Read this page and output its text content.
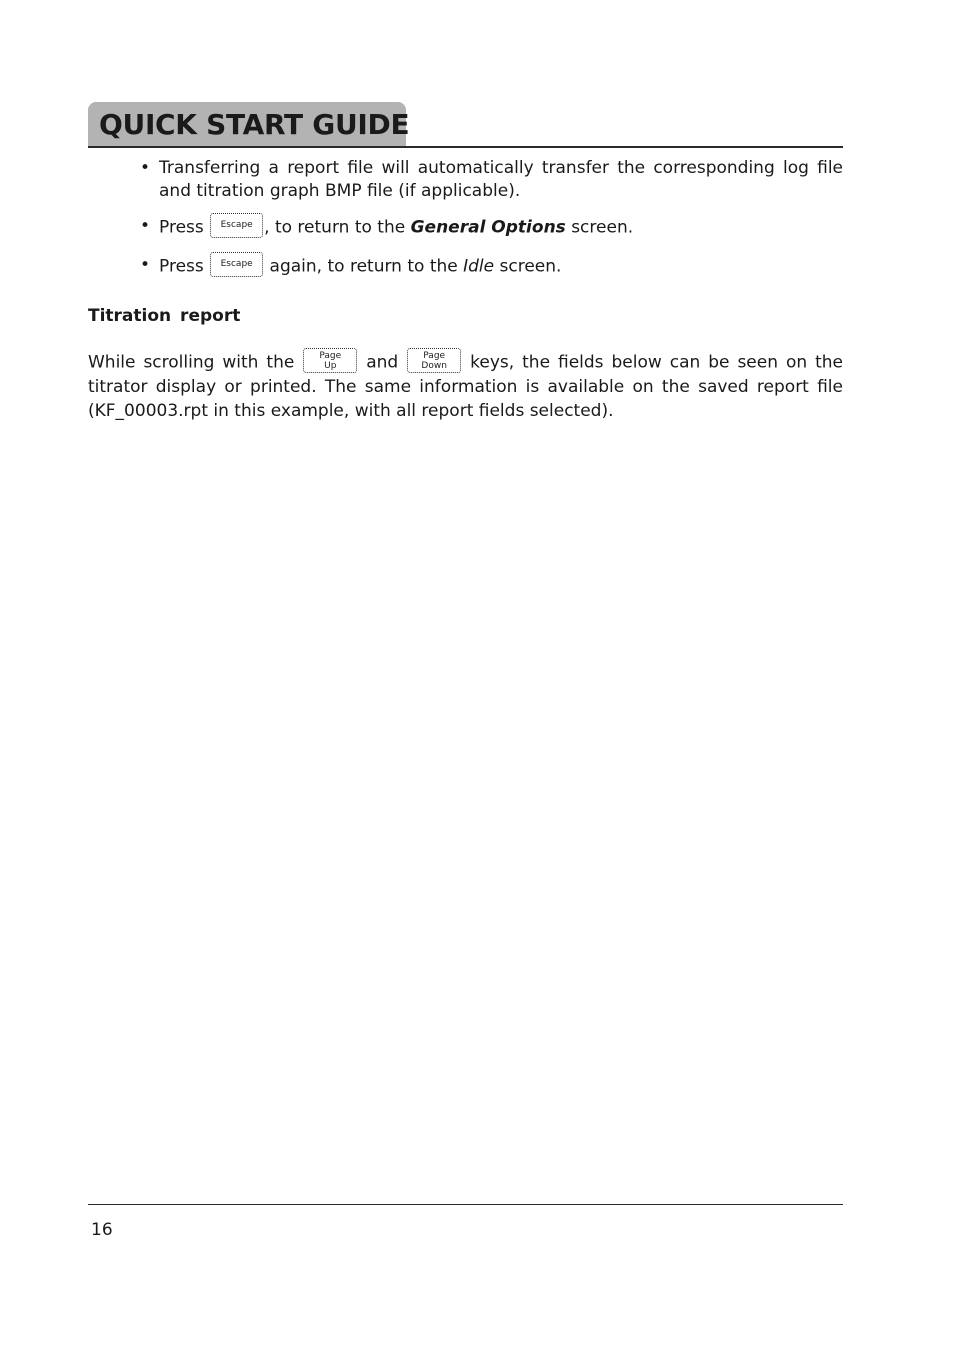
QUICK START GUIDE
• Transferring a report file will automatically transfer the corresponding log file and titration graph BMP file (if applicable).
• Press Escape , to return to the General Options screen.
• Press Escape again, to return to the Idle screen.
Titration report

While scrolling with the	Page
Up	and	Page
Down keys, the fields below can be seen on the titrator display or printed. The same information is available on the saved report file (KF_00003.rpt in this example, with all report fields selected).

16
